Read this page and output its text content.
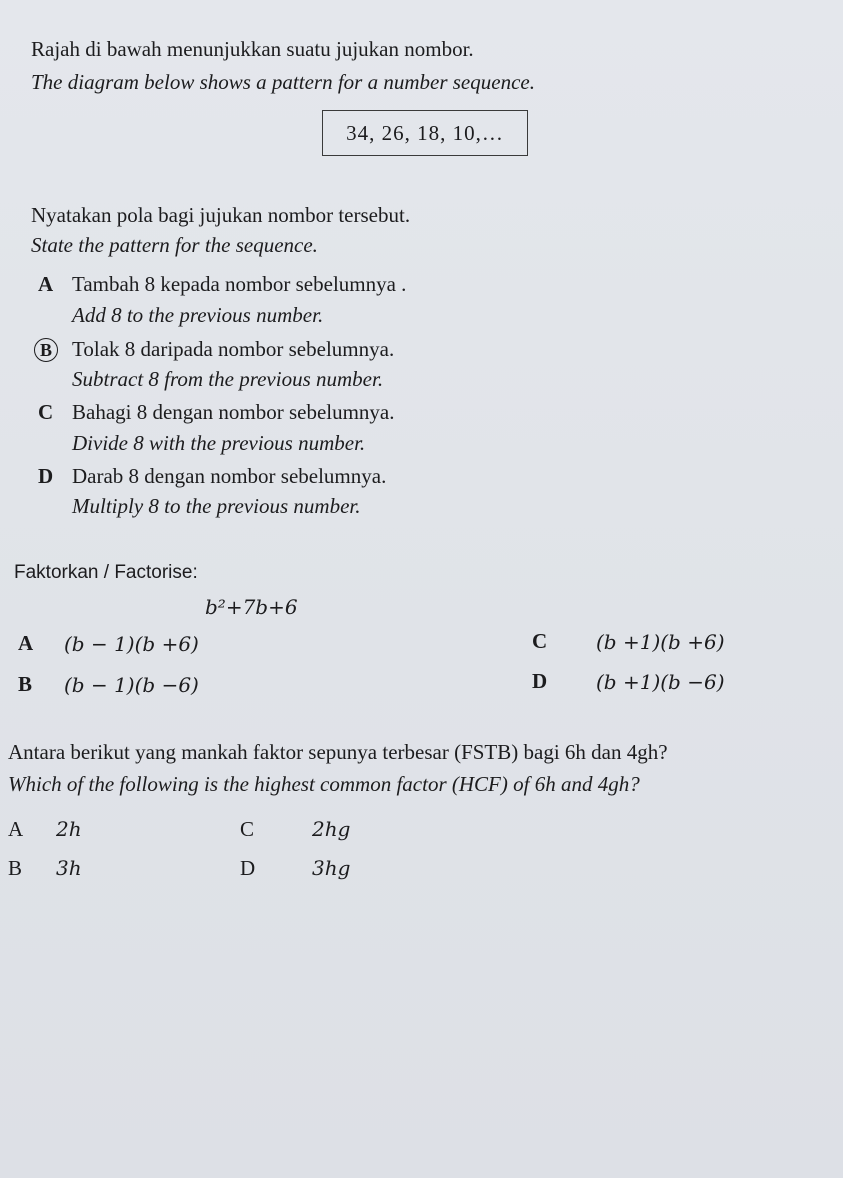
Rajah di bawah menunjukkan suatu jujukan nombor.
The diagram below shows a pattern for a number sequence.
34, 26, 18, 10,…
Nyatakan pola bagi jujukan nombor tersebut.
State the pattern for the sequence.
A Tambah 8 kepada nombor sebelumnya .
Add 8 to the previous number.
B Tolak 8 daripada nombor sebelumnya.
Subtract 8 from the previous number.
C Bahagi 8 dengan nombor sebelumnya.
Divide 8 with the previous number.
D Darab 8 dengan nombor sebelumnya.
Multiply 8 to the previous number.
Faktorkan / Factorise:
b²+7b+6
A (b − 1)(b +6)
B (b − 1)(b −6)
C (b +1)(b +6)
D (b +1)(b −6)
Antara berikut yang mankah faktor sepunya terbesar (FSTB) bagi 6h dan 4gh?
Which of the following is the highest common factor (HCF) of 6h and 4gh?
A 2h
B 3h
C	2hg
D	3hg
